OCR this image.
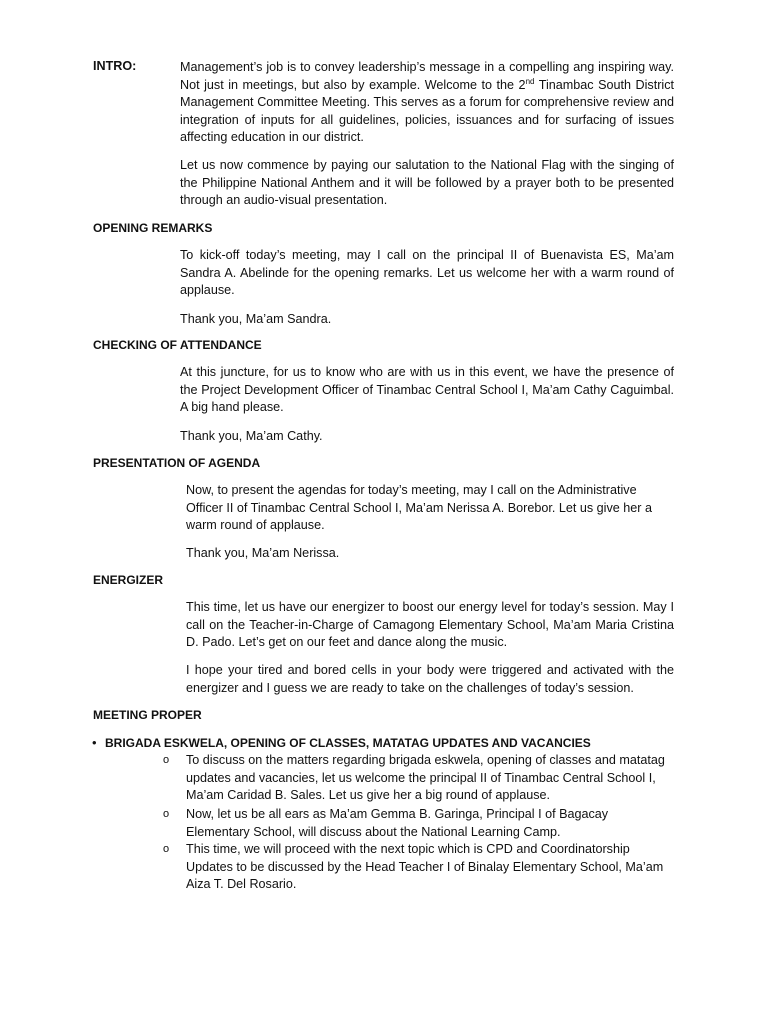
INTRO:	Management’s job is to convey leadership’s message in a compelling ang inspiring way. Not just in meetings, but also by example. Welcome to the 2nd Tinambac South District Management Committee Meeting. This serves as a forum for comprehensive review and integration of inputs for all guidelines, policies, issuances and for surfacing of issues affecting education in our district.

Let us now commence by paying our salutation to the National Flag with the singing of the Philippine National Anthem and it will be followed by a prayer both to be presented through an audio-visual presentation.

OPENING REMARKS

To kick-off today’s meeting, may I call on the principal II of Buenavista ES, Ma’am Sandra A. Abelinde for the opening remarks. Let us welcome her with a warm round of applause.

Thank you, Ma’am Sandra.

CHECKING OF ATTENDANCE

At this juncture, for us to know who are with us in this event, we have the presence of the Project Development Officer of Tinambac Central School I, Ma’am Cathy Caguimbal. A big hand please.

Thank you, Ma’am Cathy.

PRESENTATION OF AGENDA

Now, to present the agendas for today’s meeting, may I call on the Administrative Officer II of Tinambac Central School I, Ma’am Nerissa A. Borebor. Let us give her a warm round of applause.

Thank you, Ma’am Nerissa.

ENERGIZER

This time, let us have our energizer to boost our energy level for today’s session. May I call on the Teacher-in-Charge of Camagong Elementary School, Ma’am Maria Cristina D. Pado. Let’s get on our feet and dance along the music.

I hope your tired and bored cells in your body were triggered and activated with the energizer and I guess we are ready to take on the challenges of today’s session.

MEETING PROPER
• BRIGADA ESKWELA, OPENING OF CLASSES, MATATAG UPDATES AND VACANCIES
o To discuss on the matters regarding brigada eskwela, opening of classes and matatag updates and vacancies, let us welcome the principal II of Tinambac Central School I, Ma’am Caridad B. Sales. Let us give her a big round of applause.

o Now, let us be all ears as Ma’am Gemma B. Garinga, Principal I of Bagacay Elementary School, will discuss about the National Learning Camp.

o This time, we will proceed with the next topic which is CPD and Coordinatorship Updates to be discussed by the Head Teacher I of Binalay Elementary School, Ma’am Aiza T. Del Rosario.
